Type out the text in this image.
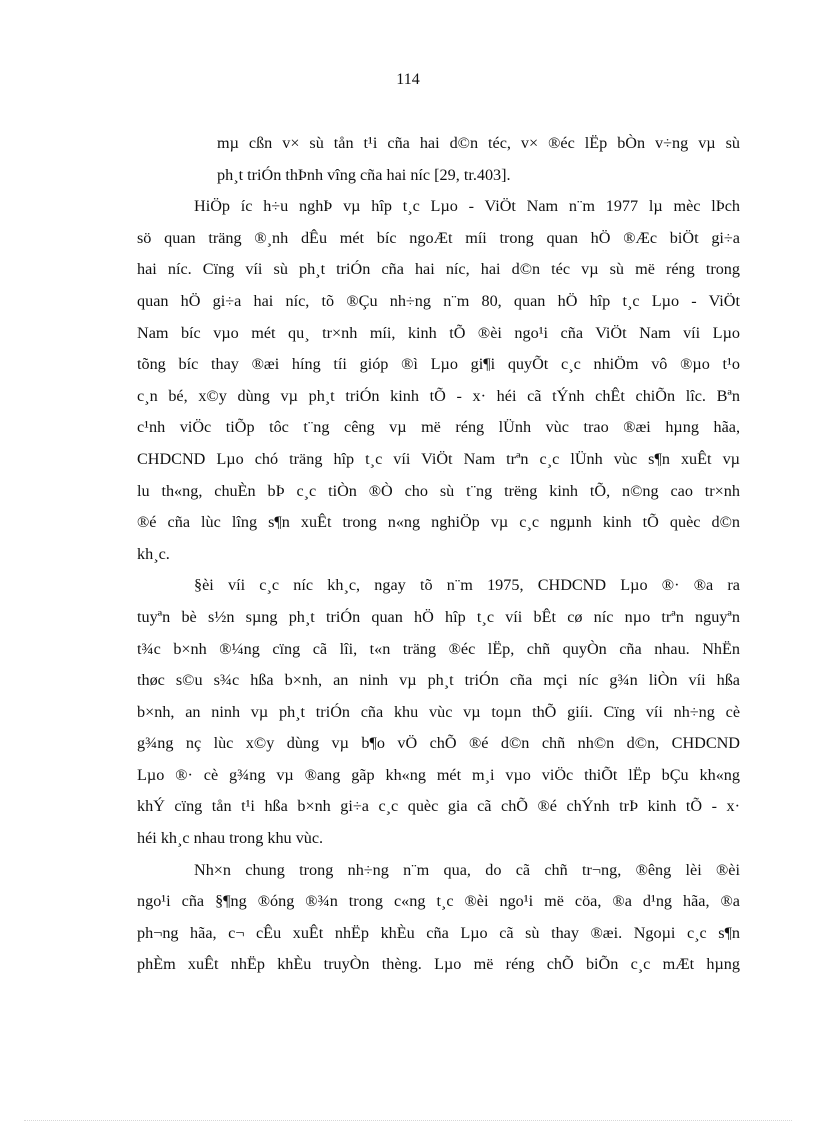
114
mµ cßn v× sù tån t¹i cña hai d©n téc, v× ®éc lËp bÒn v÷ng vµ sù
ph¸t triÓn thÞnh vîng cña hai níc [29, tr.403].
HiÖp íc h÷u nghÞ vµ hîp t¸c Lµo - ViÖt Nam n¨m 1977 lµ mèc lÞch
sö quan träng ®¸nh dÊu mét bíc ngoÆt míi trong quan hÖ ®Æc biÖt gi÷a
hai níc. Cïng víi sù ph¸t triÓn cña hai níc, hai d©n téc vµ sù më réng trong
quan hÖ gi÷a hai níc, tõ ®Çu nh÷ng n¨m 80, quan hÖ hîp t¸c Lµo - ViÖt
Nam bíc vµo mét qu¸ tr×nh míi, kinh tÕ ®èi ngo¹i cña ViÖt Nam víi Lµo
tõng bíc thay ®æi híng tíi gióp ®ì Lµo gi¶i quyÕt c¸c nhiÖm vô ®µo t¹o
c¸n bé, x©y dùng vµ ph¸t triÓn kinh tÕ - x· héi cã tÝnh chÊt chiÕn lîc. Bªn
c¹nh viÖc tiÕp tôc t¨ng cêng vµ më réng lÜnh vùc trao ®æi hµng hãa,
CHDCND Lµo chó träng hîp t¸c víi ViÖt Nam trªn c¸c lÜnh vùc s¶n xuÊt vµ
lu th«ng, chuÈn bÞ c¸c tiÒn ®Ò cho sù t¨ng trëng kinh tÕ, n©ng cao tr×nh
®é cña lùc lîng s¶n xuÊt trong n«ng nghiÖp vµ c¸c ngµnh kinh tÕ quèc d©n
kh¸c.
§èi víi c¸c níc kh¸c, ngay tõ n¨m 1975, CHDCND Lµo ®· ®a ra
tuyªn bè s½n sµng ph¸t triÓn quan hÖ hîp t¸c víi bÊt cø níc nµo trªn nguyªn
t¾c b×nh ®¼ng cïng cã lîi, t«n träng ®éc lËp, chñ quyÒn cña nhau. NhËn
thøc s©u s¾c hßa b×nh, an ninh vµ ph¸t triÓn cña mçi níc g¾n liÒn víi hßa
b×nh, an ninh vµ ph¸t triÓn cña khu vùc vµ toµn thÕ giíi. Cïng víi nh÷ng cè
g¾ng nç lùc x©y dùng vµ b¶o vÖ chÕ ®é d©n chñ nh©n d©n, CHDCND
Lµo ®· cè g¾ng vµ ®ang gãp kh«ng mét m¸i vµo viÖc thiÕt lËp bÇu kh«ng
khÝ cïng tån t¹i hßa b×nh gi÷a c¸c quèc gia cã chÕ ®é chÝnh trÞ kinh tÕ - x·
héi kh¸c nhau trong khu vùc.
Nh×n chung trong nh÷ng n¨m qua, do cã chñ tr¬ng, ®êng lèi ®èi
ngo¹i cña §¶ng ®óng ®¾n trong c«ng t¸c ®èi ngo¹i më cöa, ®a d¹ng hãa, ®a
ph¬ng hãa, c¬ cÊu xuÊt nhËp khÈu cña Lµo cã sù thay ®æi. Ngoµi c¸c s¶n
phÈm xuÊt nhËp khÈu truyÒn thèng. Lµo më réng chÕ biÕn c¸c mÆt hµng
